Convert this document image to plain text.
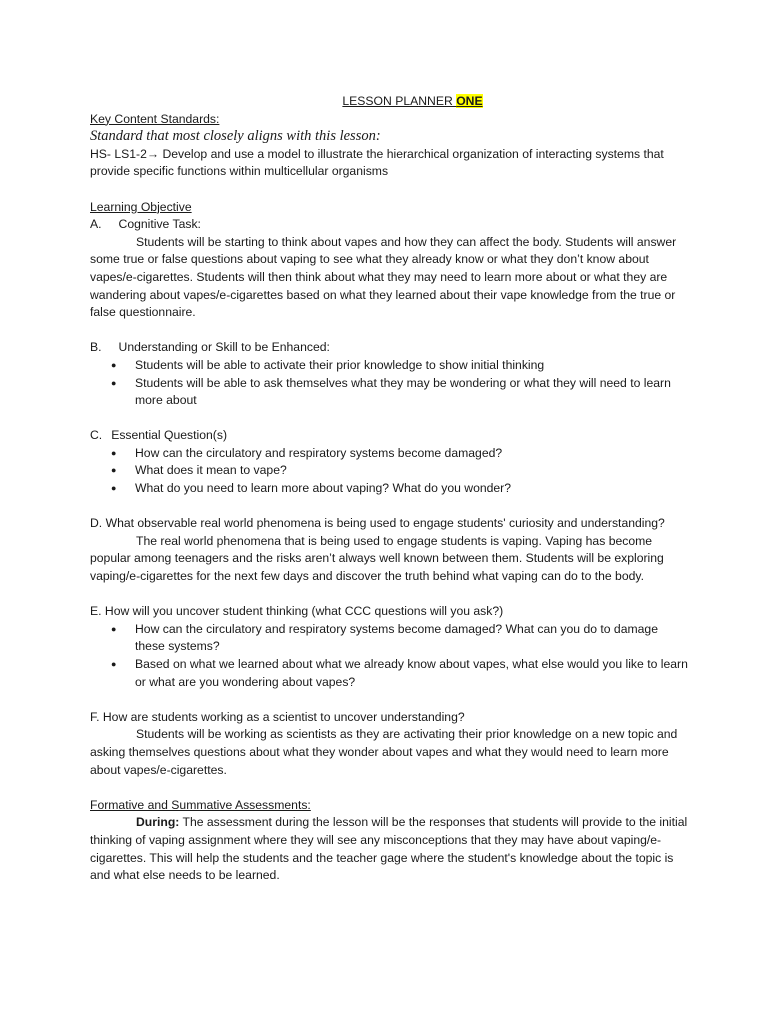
LESSON PLANNER ONE

Key Content Standards:

Standard that most closely aligns with this lesson:

HS- LS1-2→ Develop and use a model to illustrate the hierarchical organization of interacting systems that provide specific functions within multicellular organisms

Learning Objective

A. Cognitive Task:

Students will be starting to think about vapes and how they can affect the body. Students will answer some true or false questions about vaping to see what they already know or what they don’t know about vapes/e-cigarettes. Students will then think about what they may need to learn more about or what they are wandering about vapes/e-cigarettes based on what they learned about their vape knowledge from the true or false questionnaire.

B. Understanding or Skill to be Enhanced:

● Students will be able to activate their prior knowledge to show initial thinking
● Students will be able to ask themselves what they may be wondering or what they will need to learn more about

C. Essential Question(s)

● How can the circulatory and respiratory systems become damaged?
● What does it mean to vape?
● What do you need to learn more about vaping? What do you wonder?

D. What observable real world phenomena is being used to engage students' curiosity and understanding?

The real world phenomena that is being used to engage students is vaping. Vaping has become popular among teenagers and the risks aren’t always well known between them. Students will be exploring vaping/e-cigarettes for the next few days and discover the truth behind what vaping can do to the body.

E. How will you uncover student thinking (what CCC questions will you ask?)

● How can the circulatory and respiratory systems become damaged? What can you do to damage these systems?
● Based on what we learned about what we already know about vapes, what else would you like to learn or what are you wondering about vapes?

F. How are students working as a scientist to uncover understanding?

Students will be working as scientists as they are activating their prior knowledge on a new topic and asking themselves questions about what they wonder about vapes and what they would need to learn more about vapes/e-cigarettes.

Formative and Summative Assessments:

During: The assessment during the lesson will be the responses that students will provide to the initial thinking of vaping assignment where they will see any misconceptions that they may have about vaping/e-cigarettes. This will help the students and the teacher gage where the student's knowledge about the topic is and what else needs to be learned.
